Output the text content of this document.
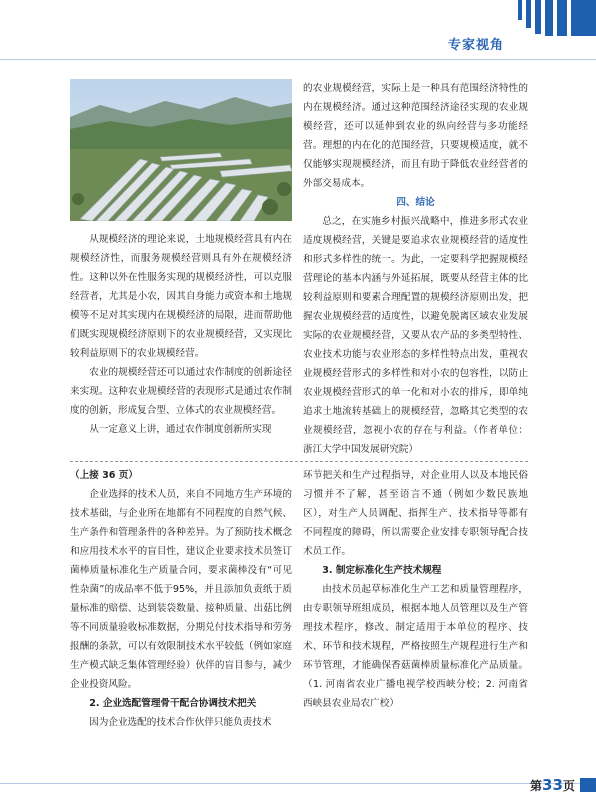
专家视角

从规模经济的理论来说，土地规模经营具有内在规模经济性，而服务规模经营则具有外在规模经济性。这种以外在性服务实现的规模经济性，可以克服经营者，尤其是小农，因其自身能力或资本和土地规模等不足对其实现内在规模经济的局限，进而帮助他们既实现规模经济原则下的农业规模经营，又实现比较利益原则下的农业规模经营。

农业的规模经营还可以通过农作制度的创新途径来实现。这种农业规模经营的表现形式是通过农作制度的创新，形成复合型、立体式的农业规模经营。

从一定意义上讲，通过农作制度创新所实现

的农业规模经营，实际上是一种具有范围经济特性的内在规模经济。通过这种范围经济途径实现的农业规模经营，还可以延伸到农业的纵向经营与多功能经营。理想的内在化的范围经营，只要规模适度，就不仅能够实现规模经济，而且有助于降低农业经营者的外部交易成本。

四、结论

总之，在实施乡村振兴战略中，推进多形式农业适度规模经营，关键是要追求农业规模经营的适度性和形式多样性的统一。为此，一定要科学把握规模经营理论的基本内涵与外延拓展，既要从经营主体的比较利益原则和要素合理配置的规模经济原则出发，把握农业规模经营的适度性，以避免脱离区域农业发展实际的农业规模经营，又要从农产品的多类型特性、农业技术功能与农业形态的多样性特点出发，重视农业规模经营形式的多样性和对小农的包容性，以防止农业规模经营形式的单一化和对小农的排斥，即单纯追求土地流转基础上的规模经营，忽略其它类型的农业规模经营，忽视小农的存在与利益。（作者单位：浙江大学中国发展研究院）

（上接 36 页）

企业选择的技术人员，来自不同地方生产环境的技术基础，与企业所在地都有不同程度的自然气候、生产条件和管理条件的各种差异。为了预防技术概念和应用技术水平的盲目性，建议企业要求技术员签订菌棒质量标准化生产质量合同，要求菌棒没有“可见性杂菌”的成品率不低于95%，并且添加负责纸于质量标准的赔偿、达到装袋数量、接种质量、出菇比例等不同质量验收标准数据，分期兑付技术指导和劳务报酬的条款，可以有效限制技术水平较低（例如家庭生产模式缺乏集体管理经验）伙伴的盲目参与，减少企业投资风险。

2. 企业选配管理骨干配合协调技术把关

因为企业选配的技术合作伙伴只能负责技术

环节把关和生产过程指导，对企业用人以及本地民俗习惯并不了解，甚至语言不通（例如少数民族地区），对生产人员调配、指挥生产、技术指导等都有不同程度的障碍，所以需要企业安排专职领导配合技术员工作。

3. 制定标准化生产技术规程

由技术员起草标准化生产工艺和质量管理程序，由专职领导班组成员，根据本地人员管理以及生产管理技术程序，修改、制定适用于本单位的程序、技术、环节和技术规程，严格按照生产规程进行生产和环节管理，才能确保香菇菌棒质量标准化产品质量。（1. 河南省农业广播电视学校西峡分校；2. 河南省西峡县农业局农广校）

第33页
